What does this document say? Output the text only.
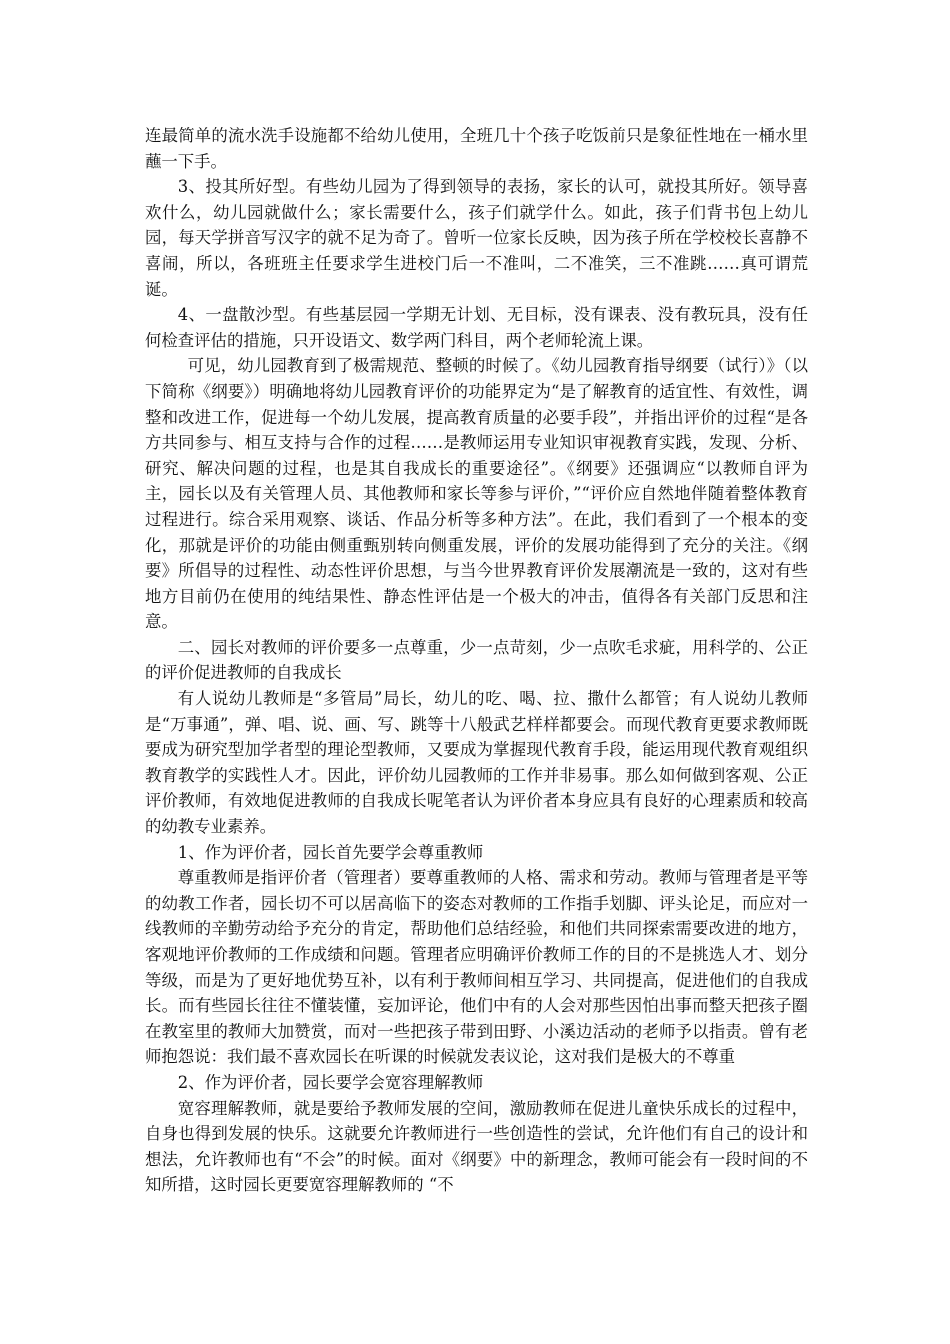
连最简单的流水洗手设施都不给幼儿使用，全班几十个孩子吃饭前只是象征性地在一桶水里蘸一下手。

3、投其所好型。有些幼儿园为了得到领导的表扬，家长的认可，就投其所好。领导喜欢什么，幼儿园就做什么；家长需要什么，孩子们就学什么。如此，孩子们背书包上幼儿园，每天学拼音写汉字的就不足为奇了。曾听一位家长反映，因为孩子所在学校校长喜静不喜闹，所以，各班班主任要求学生进校门后一不准叫，二不准笑，三不准跳……真可谓荒诞。

4、一盘散沙型。有些基层园一学期无计划、无目标，没有课表、没有教玩具，没有任何检查评估的措施，只开设语文、数学两门科目，两个老师轮流上课。

可见，幼儿园教育到了极需规范、整顿的时候了。《幼儿园教育指导纲要（试行）》（以下简称《纲要》）明确地将幼儿园教育评价的功能界定为“是了解教育的适宜性、有效性，调整和改进工作，促进每一个幼儿发展，提高教育质量的必要手段”，并指出评价的过程“是各方共同参与、相互支持与合作的过程……是教师运用专业知识审视教育实践，发现、分析、研究、解决问题的过程，也是其自我成长的重要途径”。《纲要》还强调应“以教师自评为主，园长以及有关管理人员、其他教师和家长等参与评价，”“评价应自然地伴随着整体教育过程进行。综合采用观察、谈话、作品分析等多种方法”。在此，我们看到了一个根本的变化，那就是评价的功能由侧重甄别转向侧重发展，评价的发展功能得到了充分的关注。《纲要》所倡导的过程性、动态性评价思想，与当今世界教育评价发展潮流是一致的，这对有些地方目前仍在使用的纯结果性、静态性评估是一个极大的冲击，值得各有关部门反思和注意。

二、园长对教师的评价要多一点尊重，少一点苛刻，少一点吹毛求疵，用科学的、公正的评价促进教师的自我成长

有人说幼儿教师是“多管局”局长，幼儿的吃、喝、拉、撒什么都管；有人说幼儿教师是“万事通”，弹、唱、说、画、写、跳等十八般武艺样样都要会。而现代教育更要求教师既要成为研究型加学者型的理论型教师，又要成为掌握现代教育手段，能运用现代教育观组织教育教学的实践性人才。因此，评价幼儿园教师的工作并非易事。那么如何做到客观、公正评价教师，有效地促进教师的自我成长呢笔者认为评价者本身应具有良好的心理素质和较高的幼教专业素养。

1、作为评价者，园长首先要学会尊重教师

尊重教师是指评价者（管理者）要尊重教师的人格、需求和劳动。教师与管理者是平等的幼教工作者，园长切不可以居高临下的姿态对教师的工作指手划脚、评头论足，而应对一线教师的辛勤劳动给予充分的肯定，帮助他们总结经验，和他们共同探索需要改进的地方，客观地评价教师的工作成绩和问题。管理者应明确评价教师工作的目的不是挑选人才、划分等级，而是为了更好地优势互补，以有利于教师间相互学习、共同提高，促进他们的自我成长。而有些园长往往不懂装懂，妄加评论，他们中有的人会对那些因怕出事而整天把孩子圈在教室里的教师大加赞赏，而对一些把孩子带到田野、小溪边活动的老师予以指责。曾有老师抱怨说：我们最不喜欢园长在听课的时候就发表议论，这对我们是极大的不尊重

2、作为评价者，园长要学会宽容理解教师

宽容理解教师，就是要给予教师发展的空间，激励教师在促进儿童快乐成长的过程中，自身也得到发展的快乐。这就要允许教师进行一些创造性的尝试，允许他们有自己的设计和想法，允许教师也有“不会”的时候。面对《纲要》中的新理念，教师可能会有一段时间的不知所措，这时园长更要宽容理解教师的 “不
